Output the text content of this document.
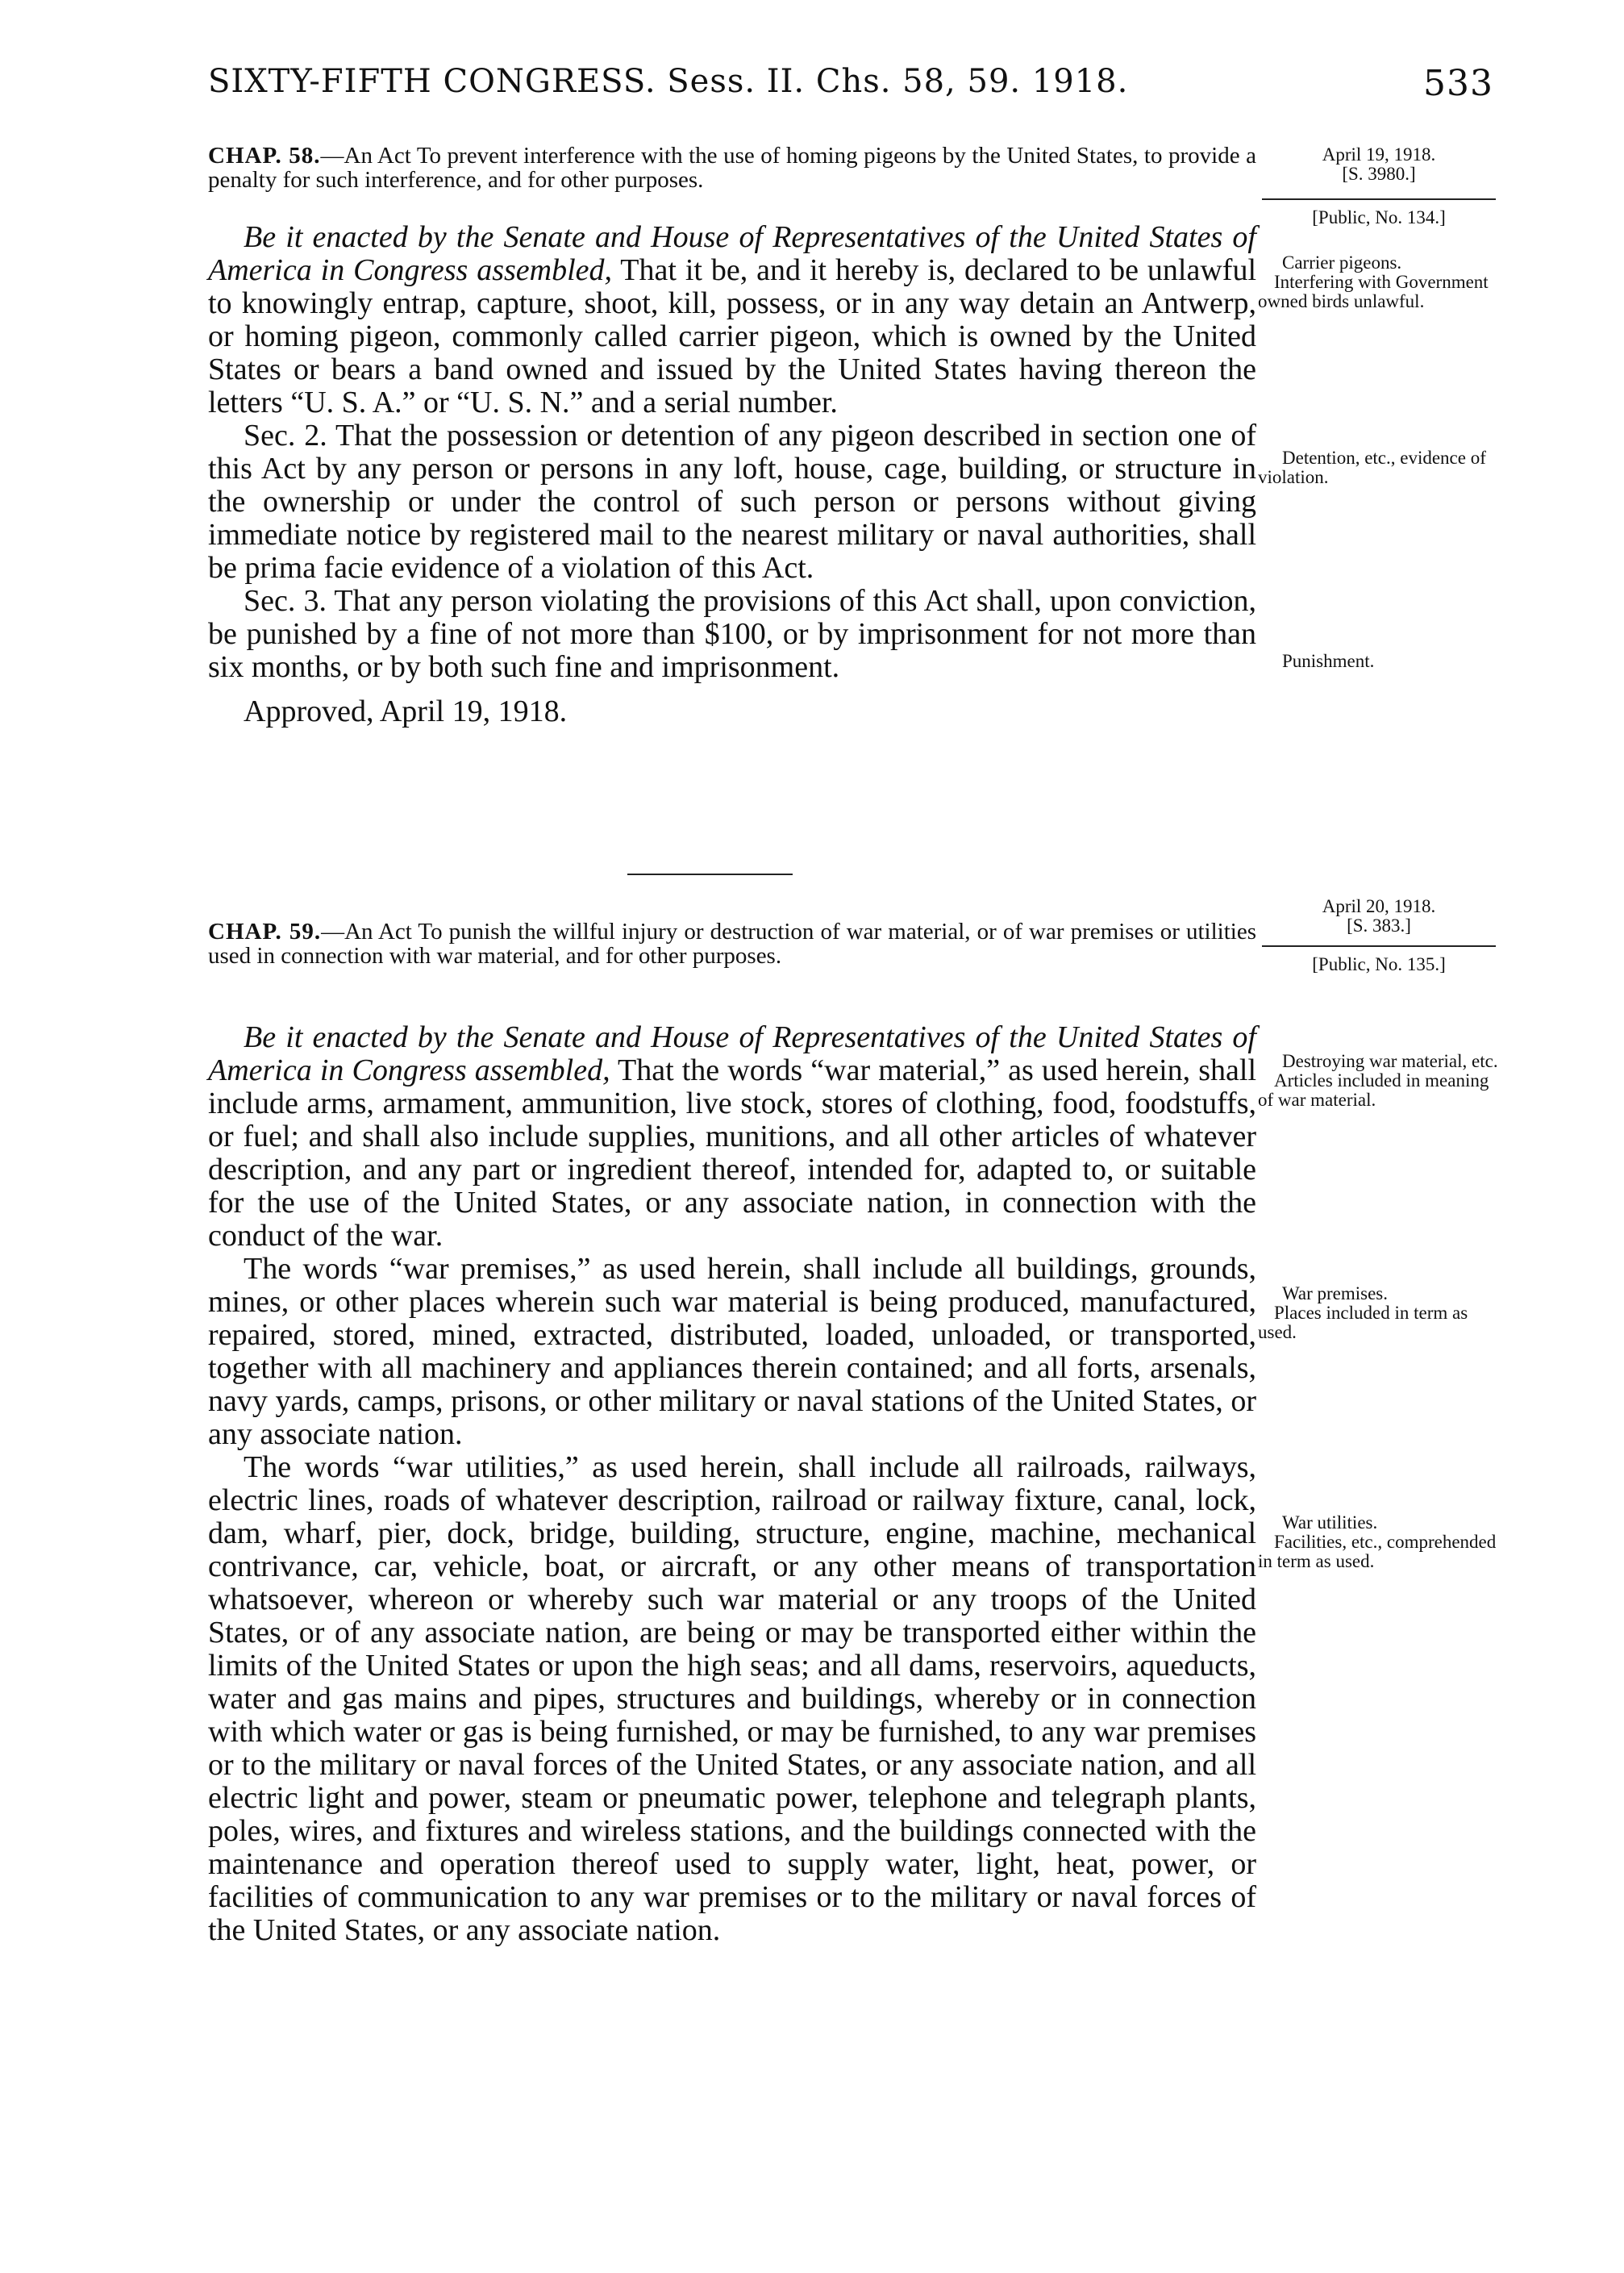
SIXTY-FIFTH CONGRESS. Sess. II. Chs. 58, 59. 1918.	533
CHAP. 58.—An Act To prevent interference with the use of homing pigeons by the United States, to provide a penalty for such interference, and for other purposes.
April 19, 1918.
[S. 3980.]
[Public, No. 134.]
Carrier pigeons.
Interfering with Government owned birds unlawful.
Detention, etc., evidence of violation.
Punishment.

Be it enacted by the Senate and House of Representatives of the United States of America in Congress assembled, That it be, and it hereby is, declared to be unlawful to knowingly entrap, capture, shoot, kill, possess, or in any way detain an Antwerp, or homing pigeon, commonly called carrier pigeon, which is owned by the United States or bears a band owned and issued by the United States having thereon the letters “U. S. A.” or “U. S. N.” and a serial number.

Sec. 2. That the possession or detention of any pigeon described in section one of this Act by any person or persons in any loft, house, cage, building, or structure in the ownership or under the control of such person or persons without giving immediate notice by registered mail to the nearest military or naval authorities, shall be prima facie evidence of a violation of this Act.

Sec. 3. That any person violating the provisions of this Act shall, upon conviction, be punished by a fine of not more than $100, or by imprisonment for not more than six months, or by both such fine and imprisonment.

Approved, April 19, 1918.

April 20, 1918.
[S. 383.]
[Public, No. 135.]
CHAP. 59.—An Act To punish the willful injury or destruction of war material, or of war premises or utilities used in connection with war material, and for other purposes.
Destroying war material, etc.
Articles included in meaning of war material.
War premises.
Places included in term as used.
War utilities.
Facilities, etc., comprehended in term as used.

Be it enacted by the Senate and House of Representatives of the United States of America in Congress assembled, That the words “war material,” as used herein, shall include arms, armament, ammunition, live stock, stores of clothing, food, foodstuffs, or fuel; and shall also include supplies, munitions, and all other articles of whatever description, and any part or ingredient thereof, intended for, adapted to, or suitable for the use of the United States, or any associate nation, in connection with the conduct of the war.

The words “war premises,” as used herein, shall include all buildings, grounds, mines, or other places wherein such war material is being produced, manufactured, repaired, stored, mined, extracted, distributed, loaded, unloaded, or transported, together with all machinery and appliances therein contained; and all forts, arsenals, navy yards, camps, prisons, or other military or naval stations of the United States, or any associate nation.

The words “war utilities,” as used herein, shall include all railroads, railways, electric lines, roads of whatever description, railroad or railway fixture, canal, lock, dam, wharf, pier, dock, bridge, building, structure, engine, machine, mechanical contrivance, car, vehicle, boat, or aircraft, or any other means of transportation whatsoever, whereon or whereby such war material or any troops of the United States, or of any associate nation, are being or may be transported either within the limits of the United States or upon the high seas; and all dams, reservoirs, aqueducts, water and gas mains and pipes, structures and buildings, whereby or in connection with which water or gas is being furnished, or may be furnished, to any war premises or to the military or naval forces of the United States, or any associate nation, and all electric light and power, steam or pneumatic power, telephone and telegraph plants, poles, wires, and fixtures and wireless stations, and the buildings connected with the maintenance and operation thereof used to supply water, light, heat, power, or facilities of communication to any war premises or to the military or naval forces of the United States, or any associate nation.
